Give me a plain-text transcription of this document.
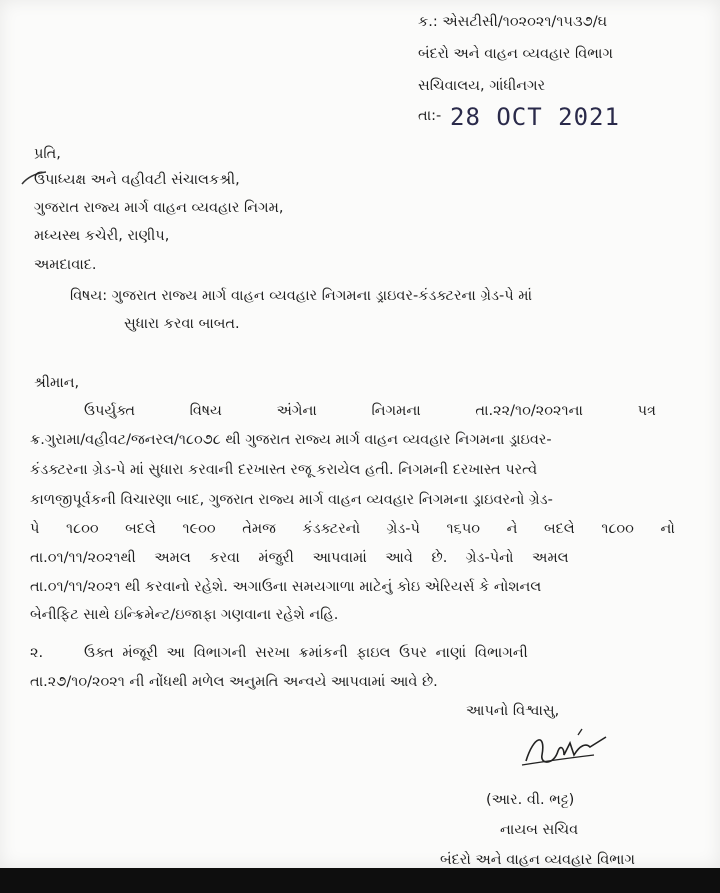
ક.: એસટીસી/૧૦૨૦૨૧/૧૫૩૭/ઘ
બંદરો અને વાહન વ્યવહાર વિભાગ
સચિવાલય, ગાંધીનગર
તા:- 28 OCT 2021
પ્રતિ,
ઉપાધ્યક્ષ અને વહીવટી સંચાલકશ્રી,
ગુજરાત રાજ્ય માર્ગ વાહન વ્યવહાર નિગમ,
મધ્યસ્થ કચેરી, રાણીપ,
અમદાવાદ.
વિષય: ગુજરાત રાજ્ય માર્ગ વાહન વ્યવહાર નિગમના ડ્રાઇવર-કંડક્ટરના ગ્રેડ-પે માં
સુધારા કરવા બાબત.
શ્રીમાન,
ઉપર્યુક્ત	વિષય	અંગેના	નિગમના	તા.૨૨/૧૦/૨૦૨૧ના	પત્ર
ક્ર.ગુરામા/વહીવટ/જનરલ/૧૮૦૭૮ થી ગુજરાત રાજ્ય માર્ગ વાહન વ્યવહાર નિગમના ડ્રાઇવર-
કંડક્ટરના ગ્રેડ-પે માં સુધારા કરવાની દરખાસ્ત રજૂ કરાયેલ હતી. નિગમની દરખાસ્ત પરત્વે
કાળજીપૂર્વકની વિચારણા બાદ, ગુજરાત રાજ્ય માર્ગ વાહન વ્યવહાર નિગમના ડ્રાઇવરનો ગ્રેડ-
પે ૧૮૦૦ બદલે ૧૯૦૦ તેમજ કંડક્ટરનો ગ્રેડ-પે ૧૬૫૦ ને બદલે ૧૮૦૦ નો
તા.૦૧/૧૧/૨૦૨૧થી અમલ કરવા મંજુરી આપવામાં આવે છે. ગ્રેડ-પેનો અમલ
તા.૦૧/૧૧/૨૦૨૧ થી કરવાનો રહેશે. અગાઉના સમયગાળા માટેનું કોઇ એરિયર્સ કે નોશનલ
બેનીફિટ સાથે ઇન્ક્રિમેન્ટ/ઇજાફા ગણવાના રહેશે નહિ.
૨.	ઉક્ત મંજૂરી આ વિભાગની સરખા ક્રમાંકની ફાઇલ ઉપર નાણાં વિભાગની
તા.૨૭/૧૦/૨૦૨૧ ની નોંધથી મળેલ અનુમતિ અન્વયે આપવામાં આવે છે.
આપનો વિશ્વાસુ,
(આર. વી. ભટ્ટ)
નાયબ સચિવ
બંદરો અને વાહન વ્યવહાર વિભાગ
